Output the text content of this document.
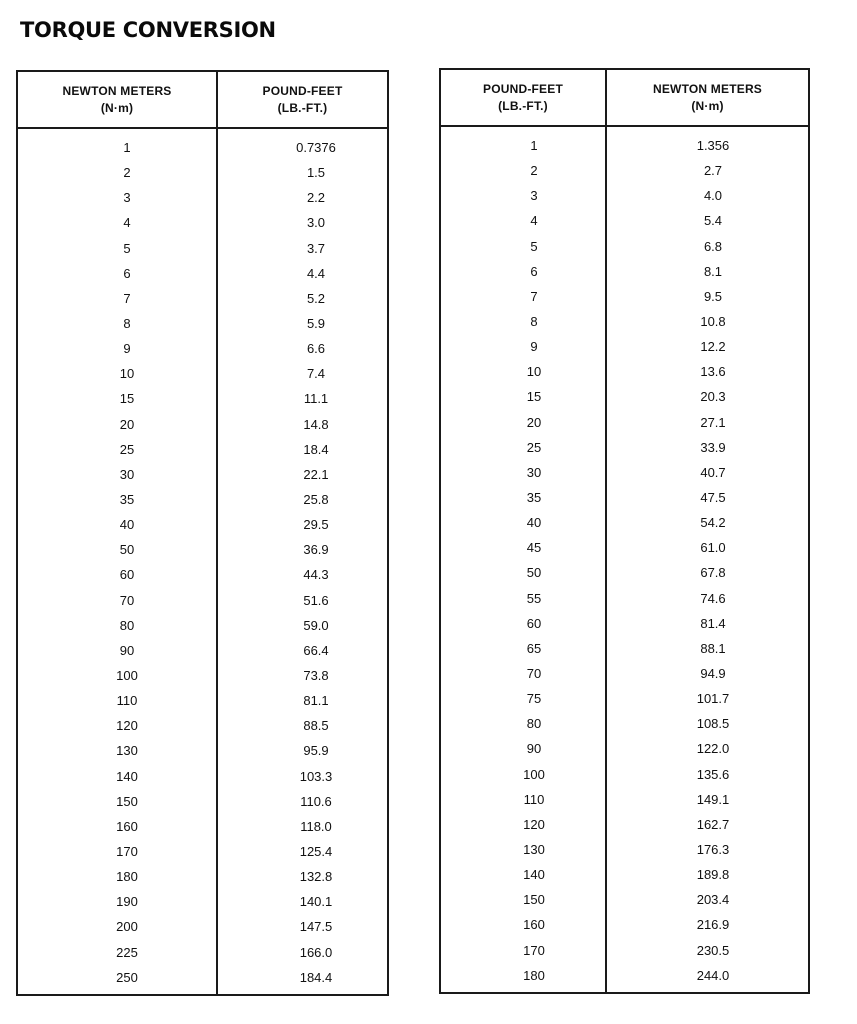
TORQUE CONVERSION
NEWTON METERS
(N·m)
POUND-FEET
(LB.-FT.)
1	0.7376
2	1.5
3	2.2
4	3.0
5	3.7
6	4.4
7	5.2
8	5.9
9	6.6
10	7.4
15	11.1
20	14.8
25	18.4
30	22.1
35	25.8
40	29.5
50	36.9
60	44.3
70	51.6
80	59.0
90	66.4
100	73.8
110	81.1
120	88.5
130	95.9
140	103.3
150	110.6
160	118.0
170	125.4
180	132.8
190	140.1
200	147.5
225	166.0
250	184.4
POUND-FEET
(LB.-FT.)
NEWTON METERS
(N·m)
1	1.356
2	2.7
3	4.0
4	5.4
5	6.8
6	8.1
7	9.5
8	10.8
9	12.2
10	13.6
15	20.3
20	27.1
25	33.9
30	40.7
35	47.5
40	54.2
45	61.0
50	67.8
55	74.6
60	81.4
65	88.1
70	94.9
75	101.7
80	108.5
90	122.0
100	135.6
110	149.1
120	162.7
130	176.3
140	189.8
150	203.4
160	216.9
170	230.5
180	244.0
